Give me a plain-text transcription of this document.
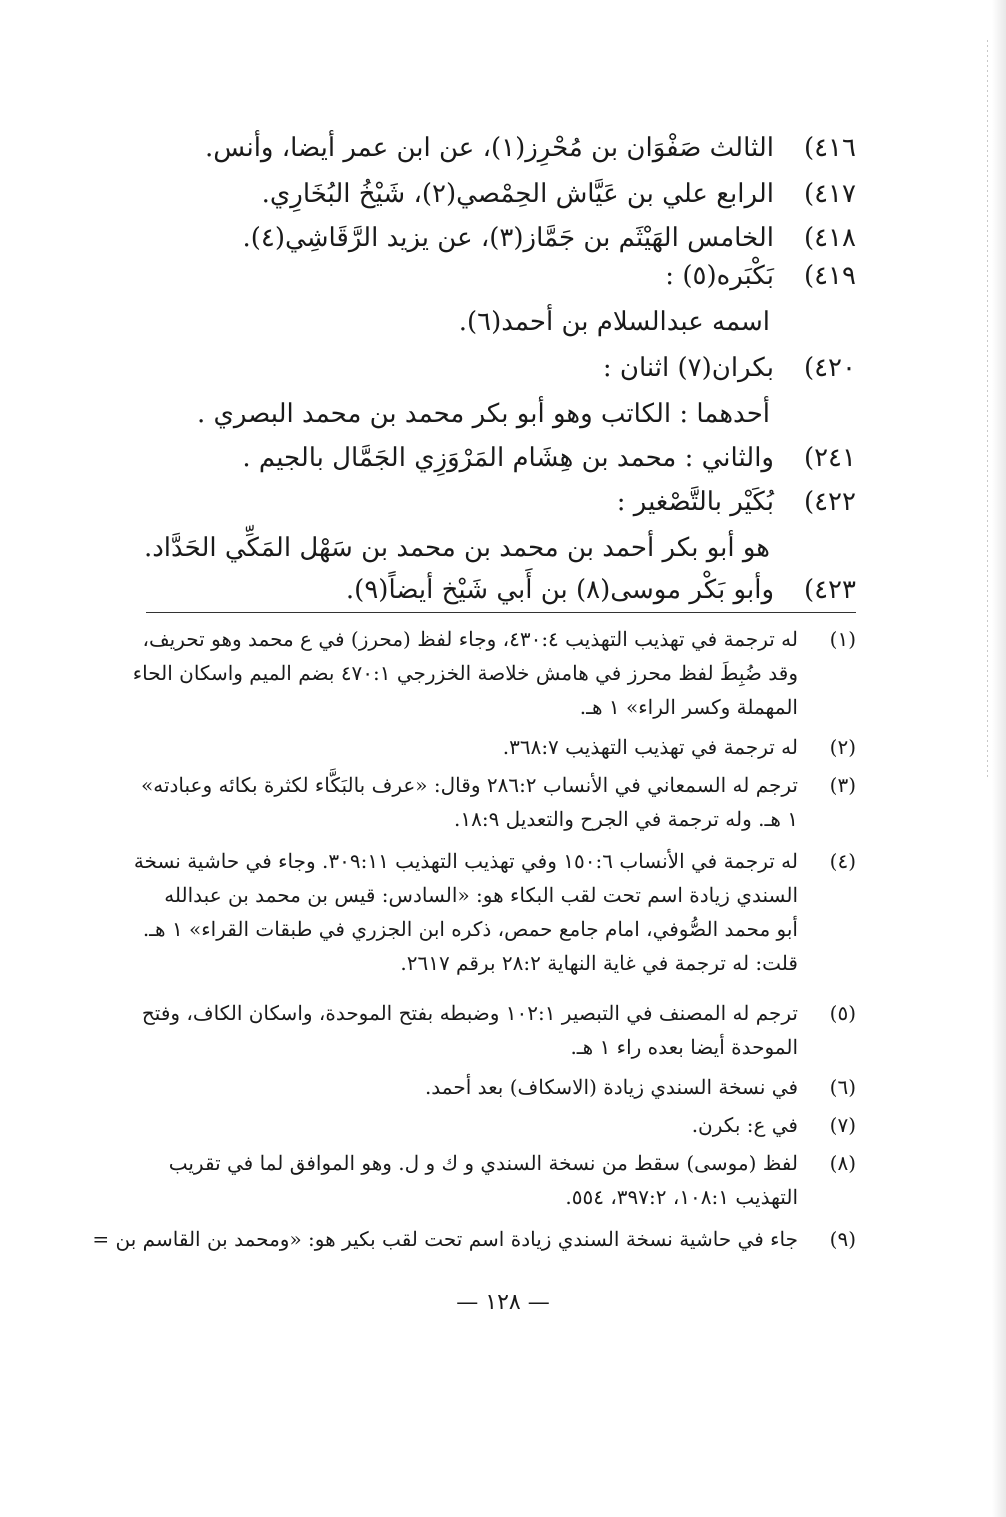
٤١٦)
الثالث صَفْوَان بن مُحْرِز(١)، عن ابن عمر أيضا، وأنس.
٤١٧)
الرابع علي بن عَيَّاش الحِمْصي(٢)، شَيْخُ البُخَارِي.
٤١٨)
الخامس الهَيْثَم بن جَمَّاز(٣)، عن يزيد الرَّقَاشِي(٤).
٤١٩)
بَكْبَره(٥) :
اسمه عبدالسلام بن أحمد(٦).
٤٢٠)
بكران(٧) اثنان :
أحدهما : الكاتب وهو أبو بكر محمد بن محمد البصري .
٢٤١)
والثاني : محمد بن هِشَام المَرْوَزِي الجَمَّال بالجيم .
٤٢٢)
بُكَيْر بالتَّصْغير :
هو أبو بكر أحمد بن محمد بن محمد بن سَهْل المَكِّي الحَدَّاد.
٤٢٣)
وأبو بَكْر موسى(٨) بن أَبي شَيْخ أيضاً(٩).
(١)
له ترجمة في تهذيب التهذيب ٤٣٠:٤، وجاء لفظ (محرز) في ع محمد وهو تحريف،
وقد ضُبِطَ لفظ محرز في هامش خلاصة الخزرجي ٤٧٠:١ بضم الميم واسكان الحاء
المهملة وكسر الراء» ١ هـ.
(٢)
له ترجمة في تهذيب التهذيب ٣٦٨:٧.
(٣)
ترجم له السمعاني في الأنساب ٢٨٦:٢ وقال: «عرف بالبَكَّاء لكثرة بكائه وعبادته»
١ هـ. وله ترجمة في الجرح والتعديل ١٨:٩.
(٤)
له ترجمة في الأنساب ١٥٠:٦ وفي تهذيب التهذيب ٣٠٩:١١. وجاء في حاشية نسخة
السندي زيادة اسم تحت لقب البكاء هو: «السادس: قيس بن محمد بن عبدالله
أبو محمد الصُّوفي، امام جامع حمص، ذكره ابن الجزري في طبقات القراء» ١ هـ.
قلت: له ترجمة في غاية النهاية ٢٨:٢ برقم ٢٦١٧.
(٥)
ترجم له المصنف في التبصير ١٠٢:١ وضبطه بفتح الموحدة، واسكان الكاف، وفتح
الموحدة أيضا بعده راء ١ هـ.
(٦)
في نسخة السندي زيادة (الاسكاف) بعد أحمد.
(٧)
في ع: بكرن.
(٨)
لفظ (موسى) سقط من نسخة السندي و ك و ل. وهو الموافق لما في تقريب
التهذيب ١٠٨:١، ٣٩٧:٢، ٥٥٤.
(٩)
جاء في حاشية نسخة السندي زيادة اسم تحت لقب بكير هو: «ومحمد بن القاسم بن =
— ١٢٨ —
